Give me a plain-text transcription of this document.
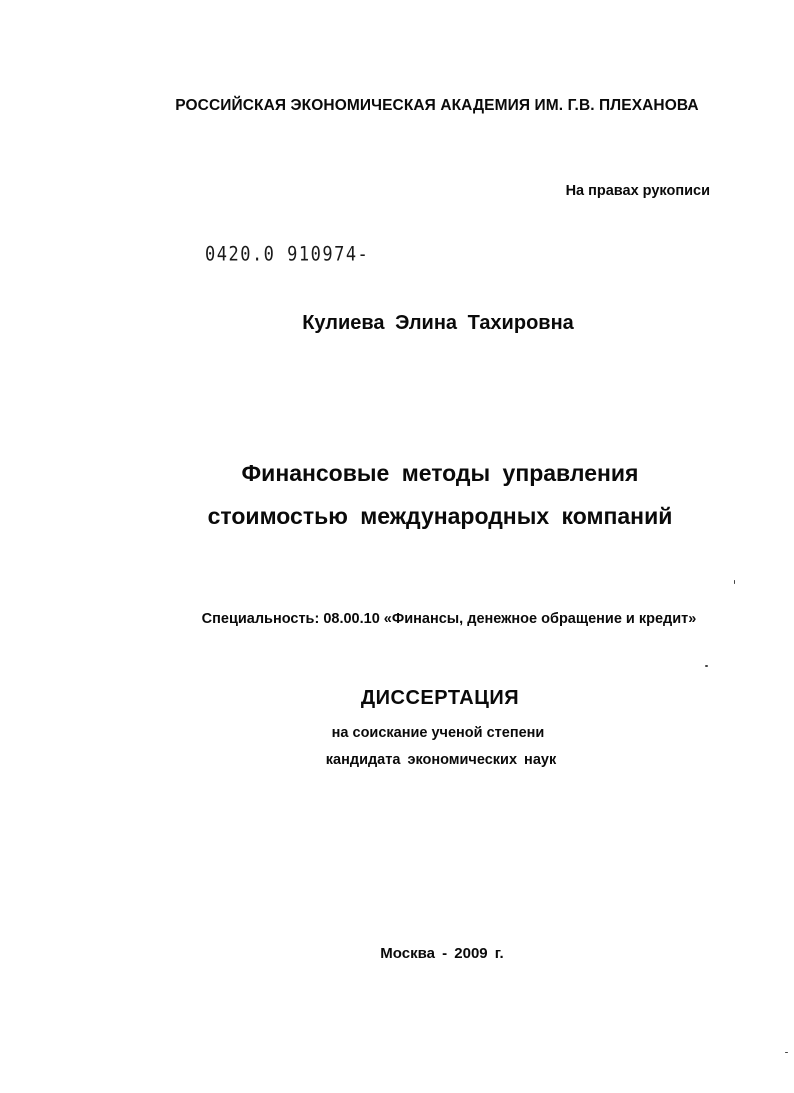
РОССИЙСКАЯ ЭКОНОМИЧЕСКАЯ АКАДЕМИЯ ИМ. Г.В. ПЛЕХАНОВА
На правах рукописи
0420.0 910974-
Кулиева Элина Тахировна
Финансовые методы управления
стоимостью международных компаний
Специальность: 08.00.10 «Финансы, денежное обращение и кредит»
ДИССЕРТАЦИЯ
на соискание ученой степени
кандидата экономических наук
Москва - 2009 г.
